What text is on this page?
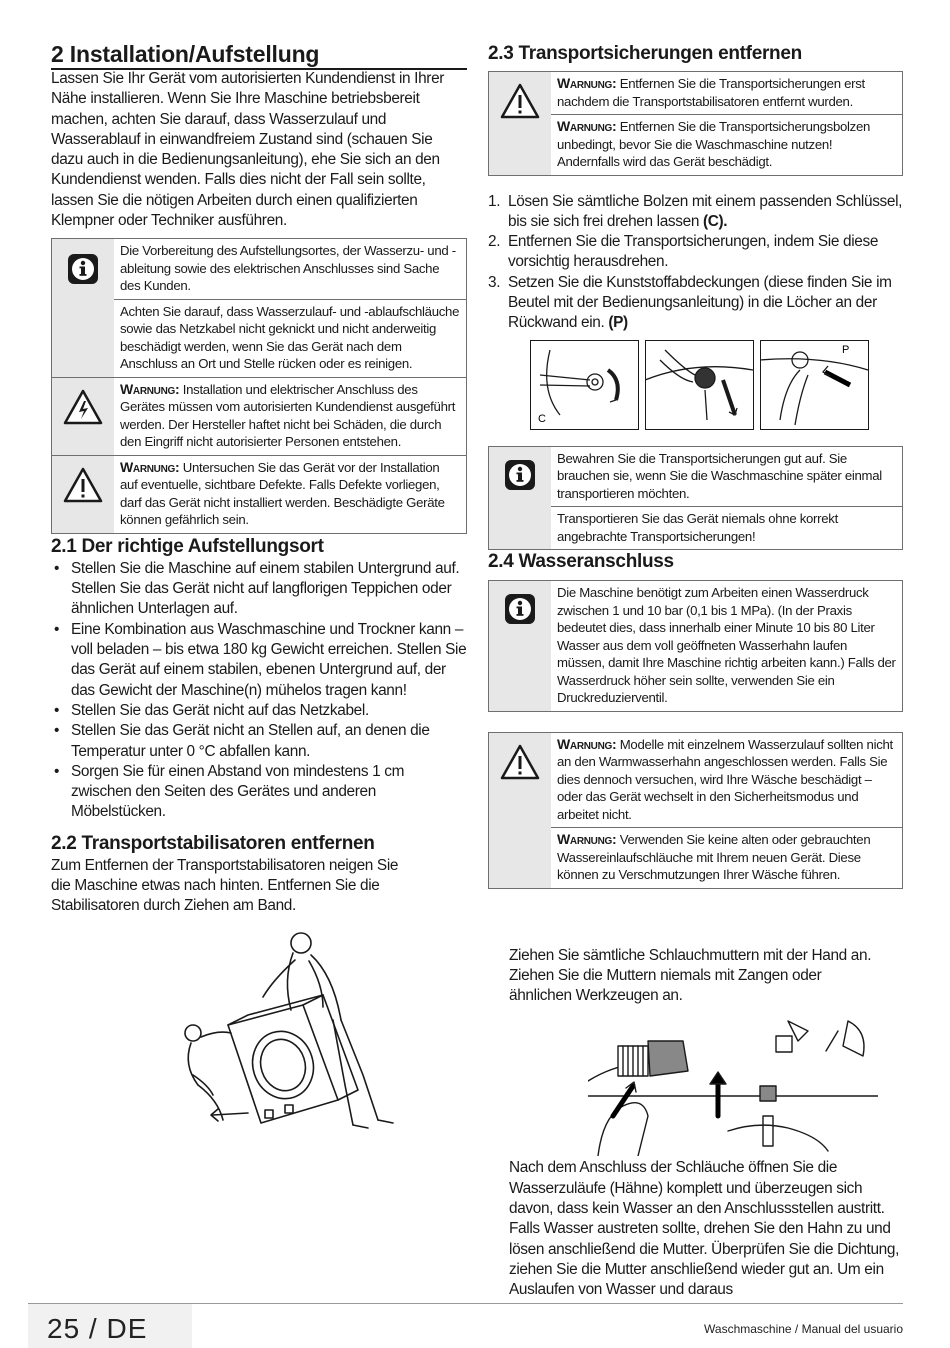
2 Installation/Aufstellung

Lassen Sie Ihr Gerät vom autorisierten Kundendienst in Ihrer Nähe installieren. Wenn Sie Ihre Maschine betriebsbereit machen, achten Sie darauf, dass Wasserzulauf und Wasserablauf in einwandfreiem Zustand sind (schauen Sie dazu auch in die Bedienungsanleitung), ehe Sie sich an den Kundendienst wenden. Falls dies nicht der Fall sein sollte, lassen Sie die nötigen Arbeiten durch einen qualifizierten Klempner oder Techniker ausführen.

Die Vorbereitung des Aufstellungsortes, der Wasserzu- und -ableitung sowie des elektrischen Anschlusses sind Sache des Kunden.
Achten Sie darauf, dass Wasserzulauf- und -ablaufschläuche sowie das Netzkabel nicht geknickt und nicht anderweitig beschädigt werden, wenn Sie das Gerät nach dem Anschluss an Ort und Stelle rücken oder es reinigen.
Warnung: Installation und elektrischer Anschluss des Gerätes müssen vom autorisierten Kundendienst ausgeführt werden. Der Hersteller haftet nicht bei Schäden, die durch den Eingriff nicht autorisierter Personen entstehen.
Warnung: Untersuchen Sie das Gerät vor der Installation auf eventuelle, sichtbare Defekte. Falls Defekte vorliegen, darf das Gerät nicht installiert werden. Beschädigte Geräte können gefährlich sein.
2.1 Der richtige Aufstellungsort
• Stellen Sie die Maschine auf einem stabilen Untergrund auf. Stellen Sie das Gerät nicht auf langflorigen Teppichen oder ähnlichen Unterlagen auf.
• Eine Kombination aus Waschmaschine und Trockner kann – voll beladen – bis etwa 180 kg Gewicht erreichen. Stellen Sie das Gerät auf einem stabilen, ebenen Untergrund auf, der das Gewicht der Maschine(n) mühelos tragen kann!
• Stellen Sie das Gerät nicht auf das Netzkabel.
• Stellen Sie das Gerät nicht an Stellen auf, an denen die Temperatur unter 0 °C abfallen kann.
• Sorgen Sie für einen Abstand von mindestens 1 cm zwischen den Seiten des Gerätes und anderen Möbelstücken.
2.2 Transportstabilisatoren entfernen

Zum Entfernen der Transportstabilisatoren neigen Sie die Maschine etwas nach hinten. Entfernen Sie die Stabilisatoren durch Ziehen am Band.

2.3 Transportsicherungen entfernen
Warnung: Entfernen Sie die Transportsicherungen erst nachdem die Transportstabilisatoren entfernt wurden.
Warnung: Entfernen Sie die Transportsicherungsbolzen unbedingt, bevor Sie die Waschmaschine nutzen! Andernfalls wird das Gerät beschädigt.
1. Lösen Sie sämtliche Bolzen mit einem passenden Schlüssel, bis sie sich frei drehen lassen (C).
2. Entfernen Sie die Transportsicherungen, indem Sie diese vorsichtig herausdrehen.
3. Setzen Sie die Kunststoffabdeckungen (diese finden Sie im Beutel mit der Bedienungsanleitung) in die Löcher an der Rückwand ein. (P)
C
P
Bewahren Sie die Transportsicherungen gut auf. Sie brauchen sie, wenn Sie die Waschmaschine später einmal transportieren möchten.
Transportieren Sie das Gerät niemals ohne korrekt angebrachte Transportsicherungen!
2.4 Wasseranschluss
Die Maschine benötigt zum Arbeiten einen Wasserdruck zwischen 1 und 10 bar (0,1 bis 1 MPa). (In der Praxis bedeutet dies, dass innerhalb einer Minute 10 bis 80 Liter Wasser aus dem voll geöffneten Wasserhahn laufen müssen, damit Ihre Maschine richtig arbeiten kann.) Falls der Wasserdruck höher sein sollte, verwenden Sie ein Druckreduzierventil.
Warnung: Modelle mit einzelnem Wasserzulauf sollten nicht an den Warmwasserhahn angeschlossen werden. Falls Sie dies dennoch versuchen, wird Ihre Wäsche beschädigt – oder das Gerät wechselt in den Sicherheitsmodus und arbeitet nicht.
Warnung: Verwenden Sie keine alten oder gebrauchten Wassereinlaufschläuche mit Ihrem neuen Gerät. Diese können zu Verschmutzungen Ihrer Wäsche führen.

Ziehen Sie sämtliche Schlauchmuttern mit der Hand an. Ziehen Sie die Muttern niemals mit Zangen oder ähnlichen Werkzeugen an.

Nach dem Anschluss der Schläuche öffnen Sie die Wasserzuläufe (Hähne) komplett und überzeugen sich davon, dass kein Wasser an den Anschlussstellen austritt. Falls Wasser austreten sollte, drehen Sie den Hahn zu und lösen anschließend die Mutter. Überprüfen Sie die Dichtung, ziehen Sie die Mutter anschließend wieder gut an. Um ein Auslaufen von Wasser und daraus

25 / DE	Waschmaschine / Manual del usuario
